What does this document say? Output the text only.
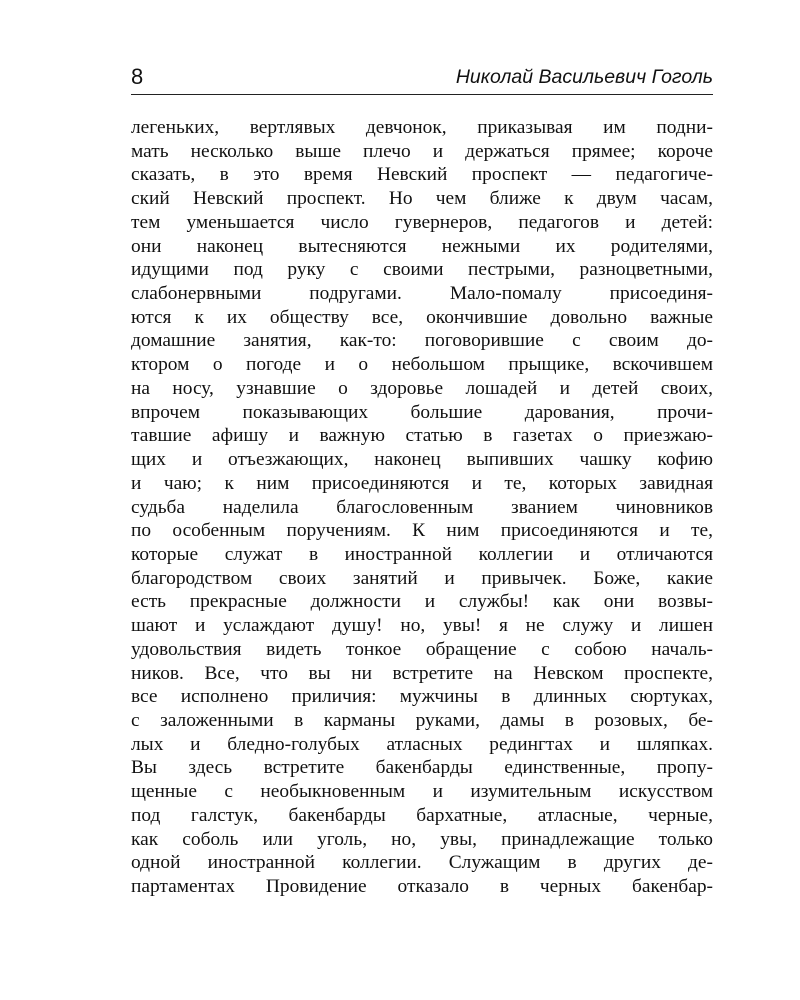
8	Николай Васильевич Гоголь
легеньких, вертлявых девчонок, приказывая им подни-
мать несколько выше плечо и держаться прямее; короче
сказать, в это время Невский проспект — педагогиче-
ский Невский проспект. Но чем ближе к двум часам,
тем уменьшается число гувернеров, педагогов и детей:
они наконец вытесняются нежными их родителями,
идущими под руку с своими пестрыми, разноцветными,
слабонервными подругами. Мало-помалу присоединя-
ются к их обществу все, окончившие довольно важные
домашние занятия, как-то: поговорившие с своим до-
ктором о погоде и о небольшом прыщике, вскочившем
на носу, узнавшие о здоровье лошадей и детей своих,
впрочем показывающих большие дарования, прочи-
тавшие афишу и важную статью в газетах о приезжаю-
щих и отъезжающих, наконец выпивших чашку кофию
и чаю; к ним присоединяются и те, которых завидная
судьба наделила благословенным званием чиновников
по особенным поручениям. К ним присоединяются и те,
которые служат в иностранной коллегии и отличаются
благородством своих занятий и привычек. Боже, какие
есть прекрасные должности и службы! как они возвы-
шают и услаждают душу! но, увы! я не служу и лишен
удовольствия видеть тонкое обращение с собою началь-
ников. Все, что вы ни встретите на Невском проспекте,
все исполнено приличия: мужчины в длинных сюртуках,
с заложенными в карманы руками, дамы в розовых, бе-
лых и бледно-голубых атласных редингтах и шляпках.
Вы здесь встретите бакенбарды единственные, пропу-
щенные с необыкновенным и изумительным искусством
под галстук, бакенбарды бархатные, атласные, черные,
как соболь или уголь, но, увы, принадлежащие только
одной иностранной коллегии. Служащим в других де-
партаментах Провидение отказало в черных бакенбар-
